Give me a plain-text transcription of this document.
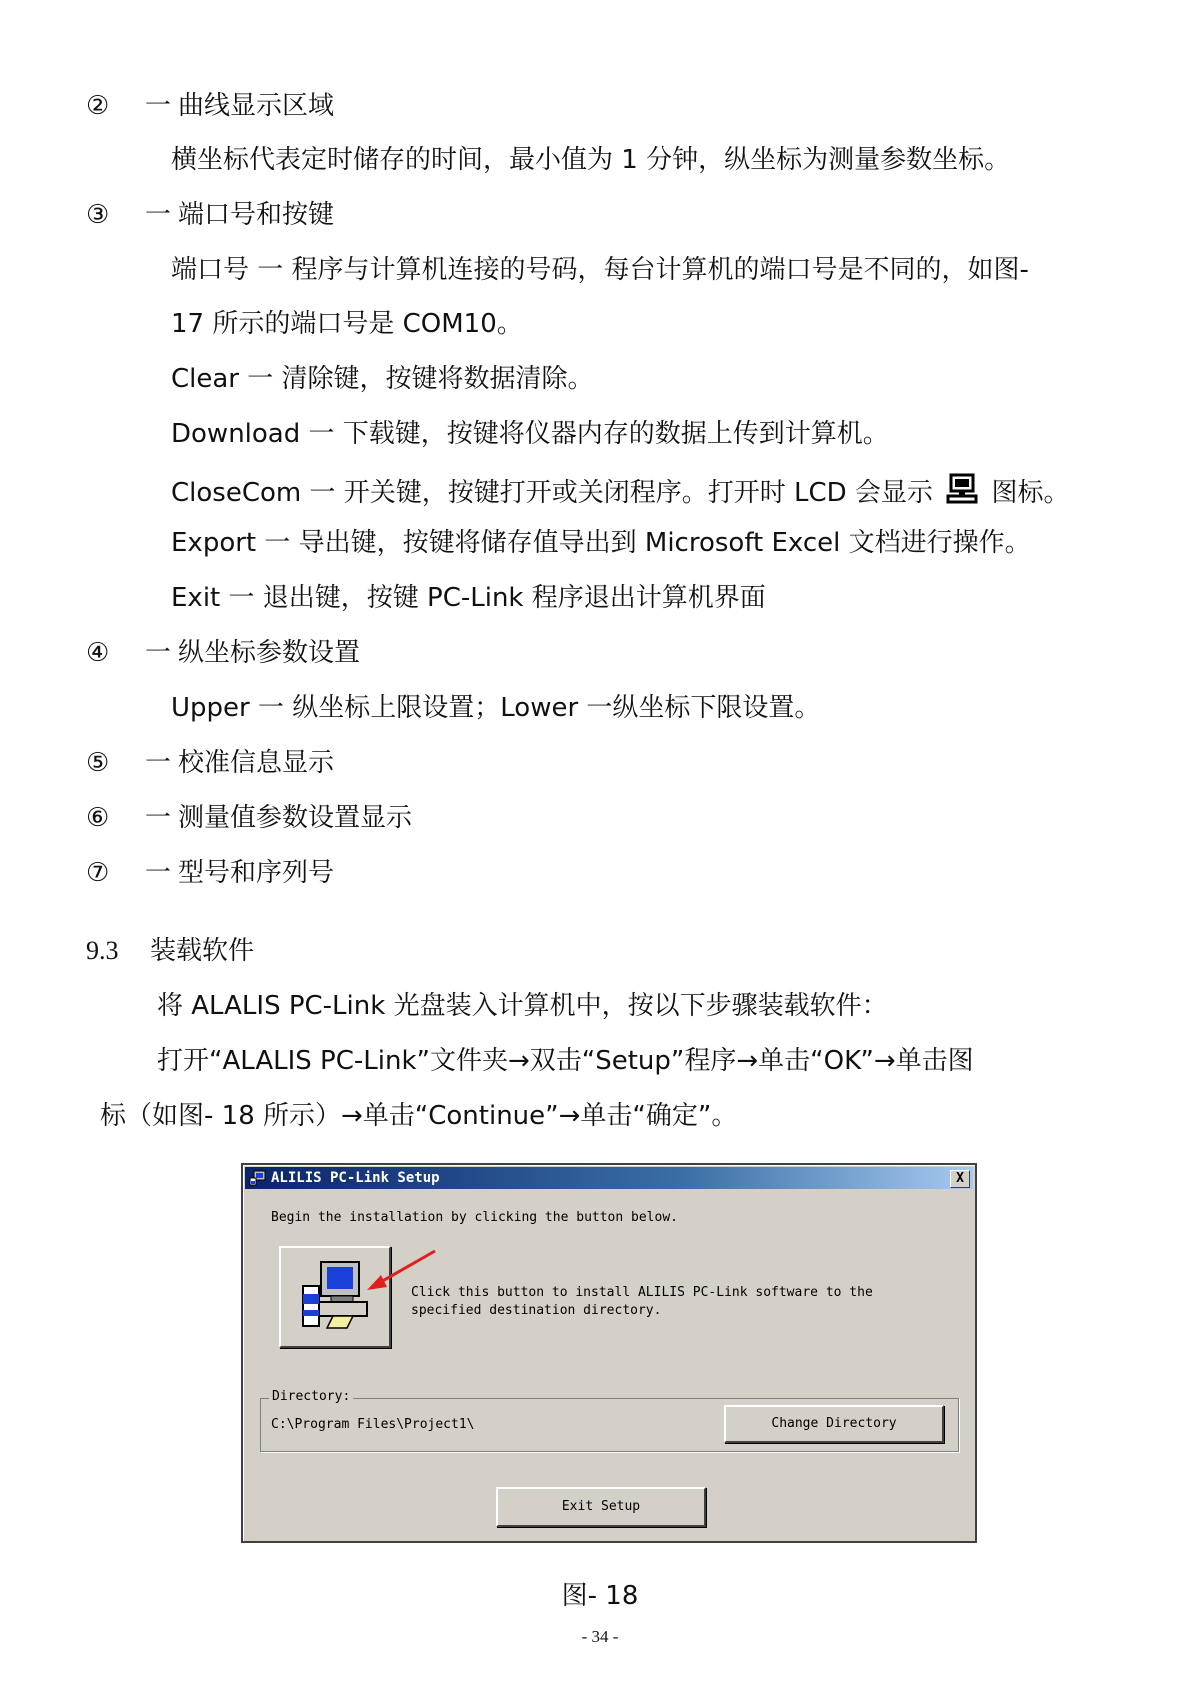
② 一 曲线显示区域
横坐标代表定时储存的时间，最小值为 1 分钟，纵坐标为测量参数坐标。
③ 一 端口号和按键
端口号 一 程序与计算机连接的号码，每台计算机的端口号是不同的，如图-
17 所示的端口号是 COM10。
Clear 一 清除键，按键将数据清除。
Download 一 下载键，按键将仪器内存的数据上传到计算机。
CloseCom 一 开关键，按键打开或关闭程序。打开时 LCD 会显示 图标。
Export 一 导出键，按键将储存值导出到 Microsoft Excel 文档进行操作。
Exit 一 退出键，按键 PC-Link 程序退出计算机界面
④ 一 纵坐标参数设置
Upper 一 纵坐标上限设置；Lower 一纵坐标下限设置。
⑤ 一 校准信息显示
⑥ 一 测量值参数设置显示
⑦ 一 型号和序列号
9.3 装载软件
将 ALALIS PC-Link 光盘装入计算机中，按以下步骤装载软件：
打开“ALALIS PC-Link”文件夹→双击“Setup”程序→单击“OK”→单击图
标（如图- 18 所示）→单击“Continue”→单击“确定”。
ALILIS PC-Link Setup	X
Begin the installation by clicking the button below.
Click this button to install ALILIS PC-Link software to the
specified destination directory.
Directory:
C:\Program Files\Project1\	Change Directory
Exit Setup
图- 18
- 34 -
